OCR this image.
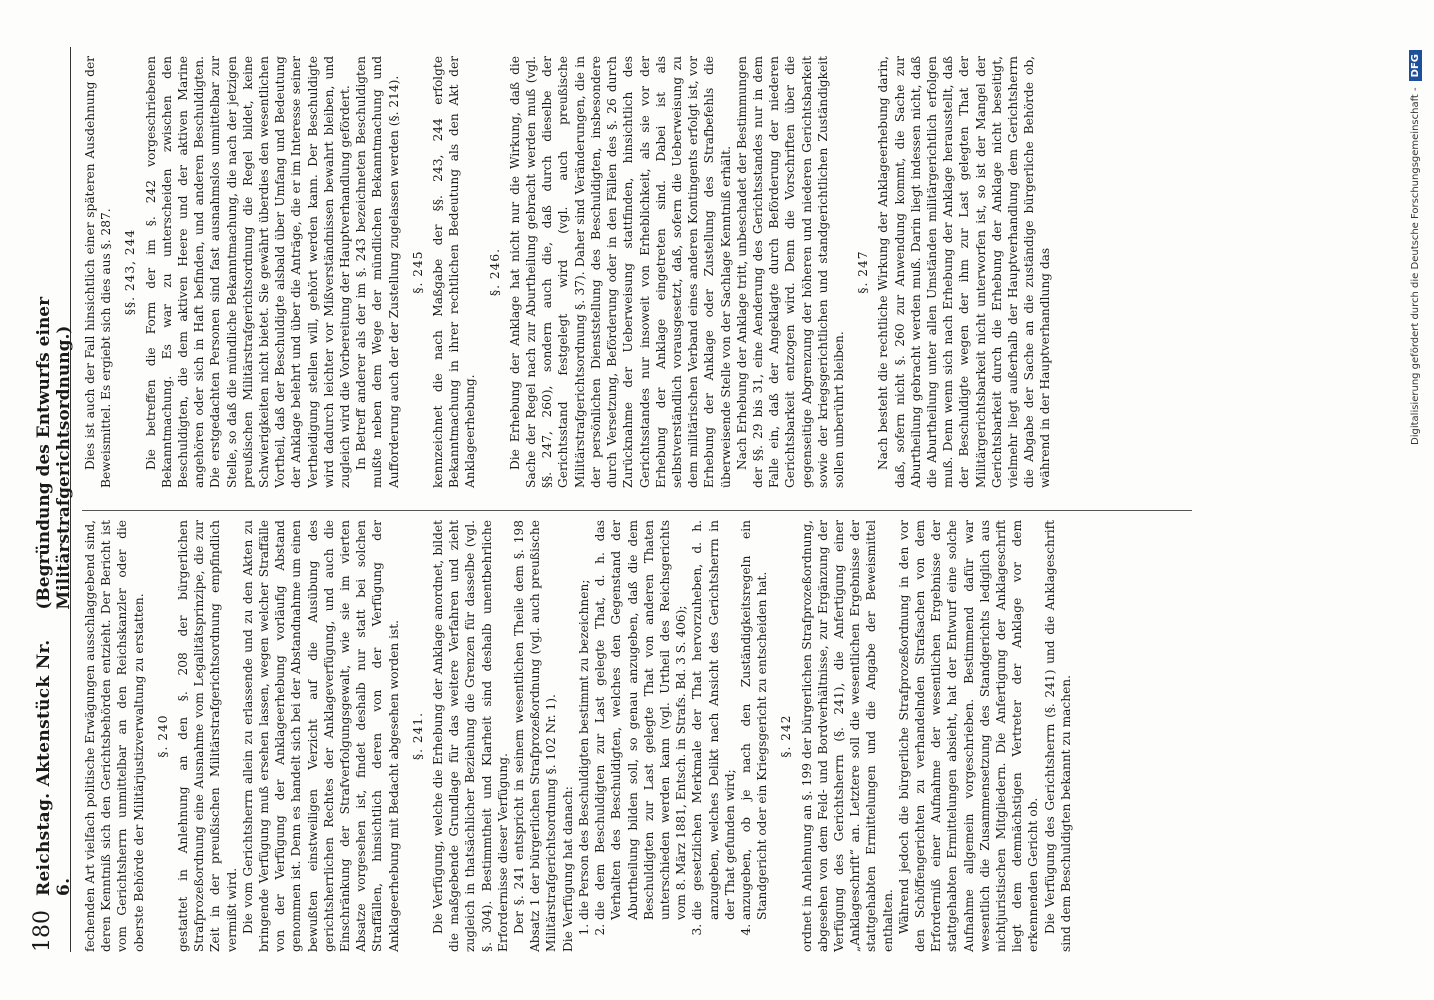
180
Reichstag. Aktenstück Nr. 6.
(Begründung des Entwurfs einer Militärstrafgerichtsordnung.)

fechenden Art vielfach politische Erwägungen ausschlaggebend sind, deren Kenntniß sich den Gerichtsbehörden entzieht. Der Bericht ist vom Gerichtsherrn unmittelbar an den Reichskanzler oder die oberste Behörde der Militärjustizverwaltung zu erstatten. §. 240 gestattet in Anlehnung an den §. 208 der bürgerlichen Strafprozeßordnung eine Ausnahme vom Legalitätsprinzipe, die zur Zeit in der preußischen Militärstrafgerichtsordnung empfindlich vermißt wird. Die vom Gerichtsherrn allein zu erlassende und zu den Akten zu bringende Verfügung muß ersehen lassen, wegen welcher Straffälle von der Verfügung der Anklageerhebung vorläufig Abstand genommen ist. Denn es handelt sich bei der Abstandnahme um einen bewußten einstweiligen Verzicht auf die Ausübung des gerichtsherrlichen Rechtes der Anklageverfügung, und auch die Einschränkung der Strafverfolgungsgewalt, wie sie im vierten Absatze vorgesehen ist, findet deshalb nur statt bei solchen Straffällen, hinsichtlich deren von der Verfügung der Anklageerhebung mit Bedacht abgesehen worden ist. §. 241. Die Verfügung, welche die Erhebung der Anklage anordnet, bildet die maßgebende Grundlage für das weitere Verfahren und zieht zugleich in thatsächlicher Beziehung die Grenzen für dasselbe (vgl. §. 304). Bestimmtheit und Klarheit sind deshalb unentbehrliche Erfordernisse dieser Verfügung. Der §. 241 entspricht in seinem wesentlichen Theile dem §. 198 Absatz 1 der bürgerlichen Strafprozeßordnung (vgl. auch preußische Militärstrafgerichtsordnung §. 102 Nr. 1). Die Verfügung hat danach: 1. die Person des Beschuldigten bestimmt zu bezeichnen; 2. die dem Beschuldigten zur Last gelegte That, d. h. das Verhalten des Beschuldigten, welches den Gegenstand der Aburtheilung bilden soll, so genau anzugeben, daß die dem Beschuldigten zur Last gelegte That von anderen Thaten unterschieden werden kann (vgl. Urtheil des Reichsgerichts vom 8. März 1881, Entsch. in Strafs. Bd. 3 S. 406); 3. die gesetzlichen Merkmale der That hervorzuheben, d. h. anzugeben, welches Delikt nach Ansicht des Gerichtsherrn in der That gefunden wird; 4. anzugeben, ob je nach den Zuständigkeitsregeln ein Standgericht oder ein Kriegsgericht zu entscheiden hat. §. 242 ordnet in Anlehnung an §. 199 der bürgerlichen Strafprozeßordnung, abgesehen von dem Feld- und Bordverhältnisse, zur Ergänzung der Verfügung des Gerichtsherrn (§. 241), die Anfertigung einer „Anklageschrift“ an. Letztere soll die wesentlichen Ergebnisse der stattgehabten Ermittelungen und die Angabe der Beweismittel enthalten. Während jedoch die bürgerliche Strafprozeßordnung in den vor den Schöffengerichten zu verhandelnden Strafsachen von dem Erforderniß einer Aufnahme der wesentlichen Ergebnisse der stattgehabten Ermittelungen absieht, hat der Entwurf eine solche Aufnahme allgemein vorgeschrieben. Bestimmend dafür war wesentlich die Zusammensetzung des Standgerichts lediglich aus nichtjuristischen Mitgliedern. Die Anfertigung der Anklageschrift liegt dem demnächstigen Vertreter der Anklage vor dem erkennenden Gericht ob. Die Verfügung des Gerichtsherrn (§. 241) und die Anklageschrift sind dem Beschuldigten bekannt zu machen.

Dies ist auch der Fall hinsichtlich einer späteren Ausdehnung der Beweismittel. Es ergiebt sich dies aus §. 287. §§. 243, 244 Die betreffen die Form der im §. 242 vorgeschriebenen Bekanntmachung. Es war zu unterscheiden zwischen den Beschuldigten, die dem aktiven Heere und der aktiven Marine angehören oder sich in Haft befinden, und anderen Beschuldigten. Die erstgedachten Personen sind fast ausnahmslos unmittelbar zur Stelle, so daß die mündliche Bekanntmachung, die nach der jetzigen preußischen Militärstrafgerichtsordnung die Regel bildet, keine Schwierigkeiten nicht bietet. Sie gewährt überdies den wesentlichen Vortheil, daß der Beschuldigte alsbald über Umfang und Bedeutung der Anklage belehrt und über die Anträge, die er im Interesse seiner Vertheidigung stellen will, gehört werden kann. Der Beschuldigte wird dadurch leichter vor Mißverständnissen bewahrt bleiben, und zugleich wird die Vorbereitung der Hauptverhandlung gefördert. In Betreff anderer als der im §. 243 bezeichneten Beschuldigten mußte neben dem Wege der mündlichen Bekanntmachung und Aufforderung auch der der Zustellung zugelassen werden (§. 214). §. 245 kennzeichnet die nach Maßgabe der §§. 243, 244 erfolgte Bekanntmachung in ihrer rechtlichen Bedeutung als den Akt der Anklageerhebung.

§. 246. Die Erhebung der Anklage hat nicht nur die Wirkung, daß die Sache der Regel nach zur Aburtheilung gebracht werden muß (vgl. §§. 247, 260), sondern auch die, daß durch dieselbe der Gerichtsstand festgelegt wird (vgl. auch preußische Militärstrafgerichtsordnung §. 37). Daher sind Veränderungen, die in der persönlichen Dienststellung des Beschuldigten, insbesondere durch Versetzung, Beförderung oder in den Fällen des §. 26 durch Zurücknahme der Ueberweisung stattfinden, hinsichtlich des Gerichtsstandes nur insoweit von Erheblichkeit, als sie vor der Erhebung der Anklage eingetreten sind. Dabei ist als selbstverständlich vorausgesetzt, daß, sofern die Ueberweisung zu dem militärischen Verband eines anderen Kontingents erfolgt ist, vor Erhebung der Anklage oder Zustellung des Strafbefehls die überweisende Stelle von der Sachlage Kenntniß erhält. Nach Erhebung der Anklage tritt, unbeschadet der Bestimmungen der §§. 29 bis 31, eine Aenderung des Gerichtsstandes nur in dem Falle ein, daß der Angeklagte durch Beförderung der niederen Gerichtsbarkeit entzogen wird. Denn die Vorschriften über die gegenseitige Abgrenzung der höheren und niederen Gerichtsbarkeit sowie der kriegsgerichtlichen und standgerichtlichen Zuständigkeit sollen unberührt bleiben.

§. 247 Nach besteht die rechtliche Wirkung der Anklageerhebung darin, daß, sofern nicht §. 260 zur Anwendung kommt, die Sache zur Aburtheilung gebracht werden muß. Darin liegt indessen nicht, daß die Aburtheilung unter allen Umständen militärgerichtlich erfolgen muß. Denn wenn sich nach Erhebung der Anklage herausstellt, daß der Beschuldigte wegen der ihm zur Last gelegten That der Militärgerichtsbarkeit nicht unterworfen ist, so ist der Mangel der Gerichtsbarkeit durch die Erhebung der Anklage nicht beseitigt, vielmehr liegt außerhalb der Hauptverhandlung dem Gerichtsherrn die Abgabe der Sache an die zuständige bürgerliche Behörde ob, während in der Hauptverhandlung das	Digitalisierung gefördert durch die Deutsche Forschungsgemeinschaft -
DFG
